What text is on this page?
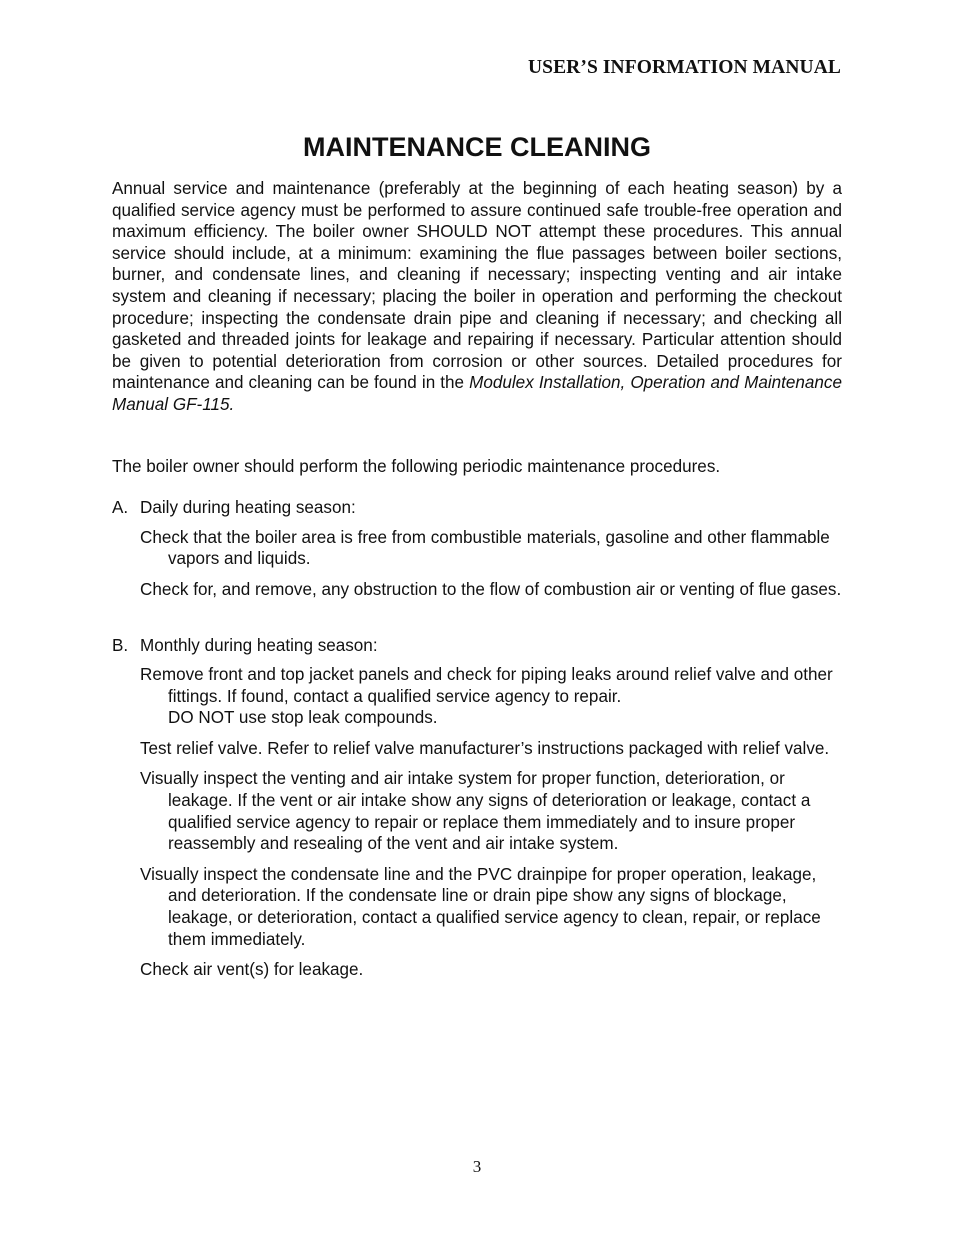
USER’S INFORMATION MANUAL
MAINTENANCE CLEANING

Annual service and maintenance (preferably at the beginning of each heating season) by a qualified service agency must be performed to assure continued safe trouble-free operation and maximum efficiency. The boiler owner SHOULD NOT attempt these procedures. This annual service should include, at a minimum: examining the flue passages between boiler sections, burner, and condensate lines, and cleaning if necessary; inspecting venting and air intake system and cleaning if necessary; placing the boiler in operation and performing the checkout procedure; inspecting the condensate drain pipe and cleaning if necessary; and checking all gasketed and threaded joints for leakage and repairing if necessary. Particular attention should be given to potential deterioration from corrosion or other sources. Detailed procedures for maintenance and cleaning can be found in the Modulex Installation, Operation and Maintenance Manual GF-115.

The boiler owner should perform the following periodic maintenance procedures.

A. Daily during heating season:

Check that the boiler area is free from combustible materials, gasoline and other flammable vapors and liquids.
Check for, and remove, any obstruction to the flow of combustion air or venting of flue gases.

B. Monthly during heating season:

Remove front and top jacket panels and check for piping leaks around relief valve and other fittings. If found, contact a qualified service agency to repair.
DO NOT use stop leak compounds.
Test relief valve. Refer to relief valve manufacturer’s instructions packaged with relief valve.
Visually inspect the venting and air intake system for proper function, deterioration, or leakage. If the vent or air intake show any signs of deterioration or leakage, contact a qualified service agency to repair or replace them immediately and to insure proper reassembly and resealing of the vent and air intake system.
Visually inspect the condensate line and the PVC drainpipe for proper operation, leakage, and deterioration. If the condensate line or drain pipe show any signs of blockage, leakage, or deterioration, contact a qualified service agency to clean, repair, or replace them immediately.
Check air vent(s) for leakage.
3
